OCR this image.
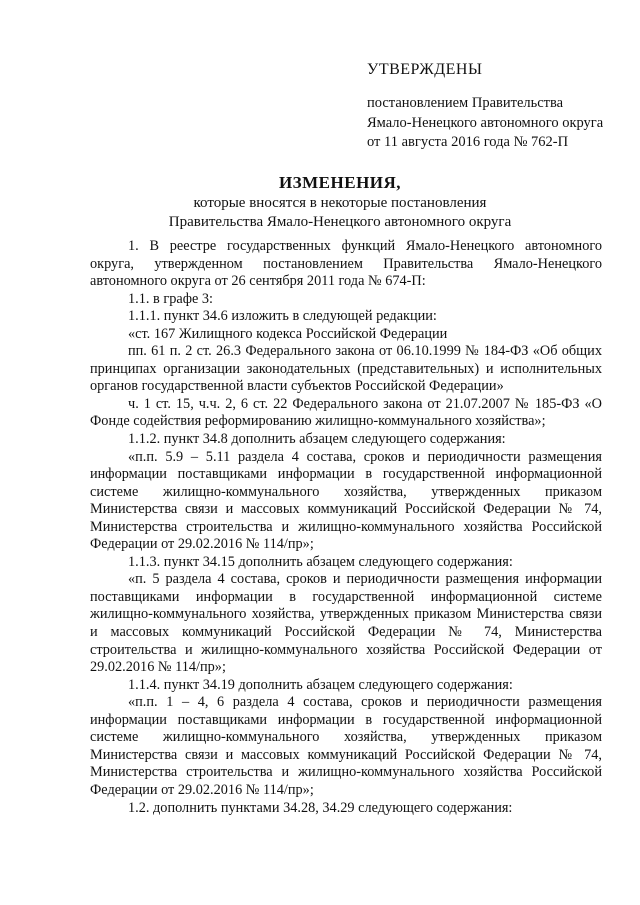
УТВЕРЖДЕНЫ
постановлением Правительства
Ямало-Ненецкого автономного округа
от 11 августа 2016 года № 762-П
ИЗМЕНЕНИЯ,
которые вносятся в некоторые постановления
Правительства Ямало-Ненецкого автономного округа

1. В реестре государственных функций Ямало-Ненецкого автономного округа, утвержденном постановлением Правительства Ямало-Ненецкого автономного округа от 26 сентября 2011 года № 674-П:

1.1. в графе 3:

1.1.1. пункт 34.6 изложить в следующей редакции:

«ст. 167 Жилищного кодекса Российской Федерации

пп. 61 п. 2 ст. 26.3 Федерального закона от 06.10.1999 № 184-ФЗ «Об общих принципах организации законодательных (представительных) и исполнительных органов государственной власти субъектов Российской Федерации»

ч. 1 ст. 15, ч.ч. 2, 6 ст. 22 Федерального закона от 21.07.2007 № 185-ФЗ «О Фонде содействия реформированию жилищно-коммунального хозяйства»;

1.1.2. пункт 34.8 дополнить абзацем следующего содержания:

«п.п. 5.9 – 5.11 раздела 4 состава, сроков и периодичности размещения информации поставщиками информации в государственной информационной системе жилищно-коммунального хозяйства, утвержденных приказом Министерства связи и массовых коммуникаций Российской Федерации № 74, Министерства строительства и жилищно-коммунального хозяйства Российской Федерации от 29.02.2016 № 114/пр»;

1.1.3. пункт 34.15 дополнить абзацем следующего содержания:

«п. 5 раздела 4 состава, сроков и периодичности размещения информации поставщиками информации в государственной информационной системе жилищно-коммунального хозяйства, утвержденных приказом Министерства связи и массовых коммуникаций Российской Федерации № 74, Министерства строительства и жилищно-коммунального хозяйства Российской Федерации от 29.02.2016 № 114/пр»;

1.1.4. пункт 34.19 дополнить абзацем следующего содержания:

«п.п. 1 – 4, 6 раздела 4 состава, сроков и периодичности размещения информации поставщиками информации в государственной информационной системе жилищно-коммунального хозяйства, утвержденных приказом Министерства связи и массовых коммуникаций Российской Федерации № 74, Министерства строительства и жилищно-коммунального хозяйства Российской Федерации от 29.02.2016 № 114/пр»;

1.2. дополнить пунктами 34.28, 34.29 следующего содержания:
